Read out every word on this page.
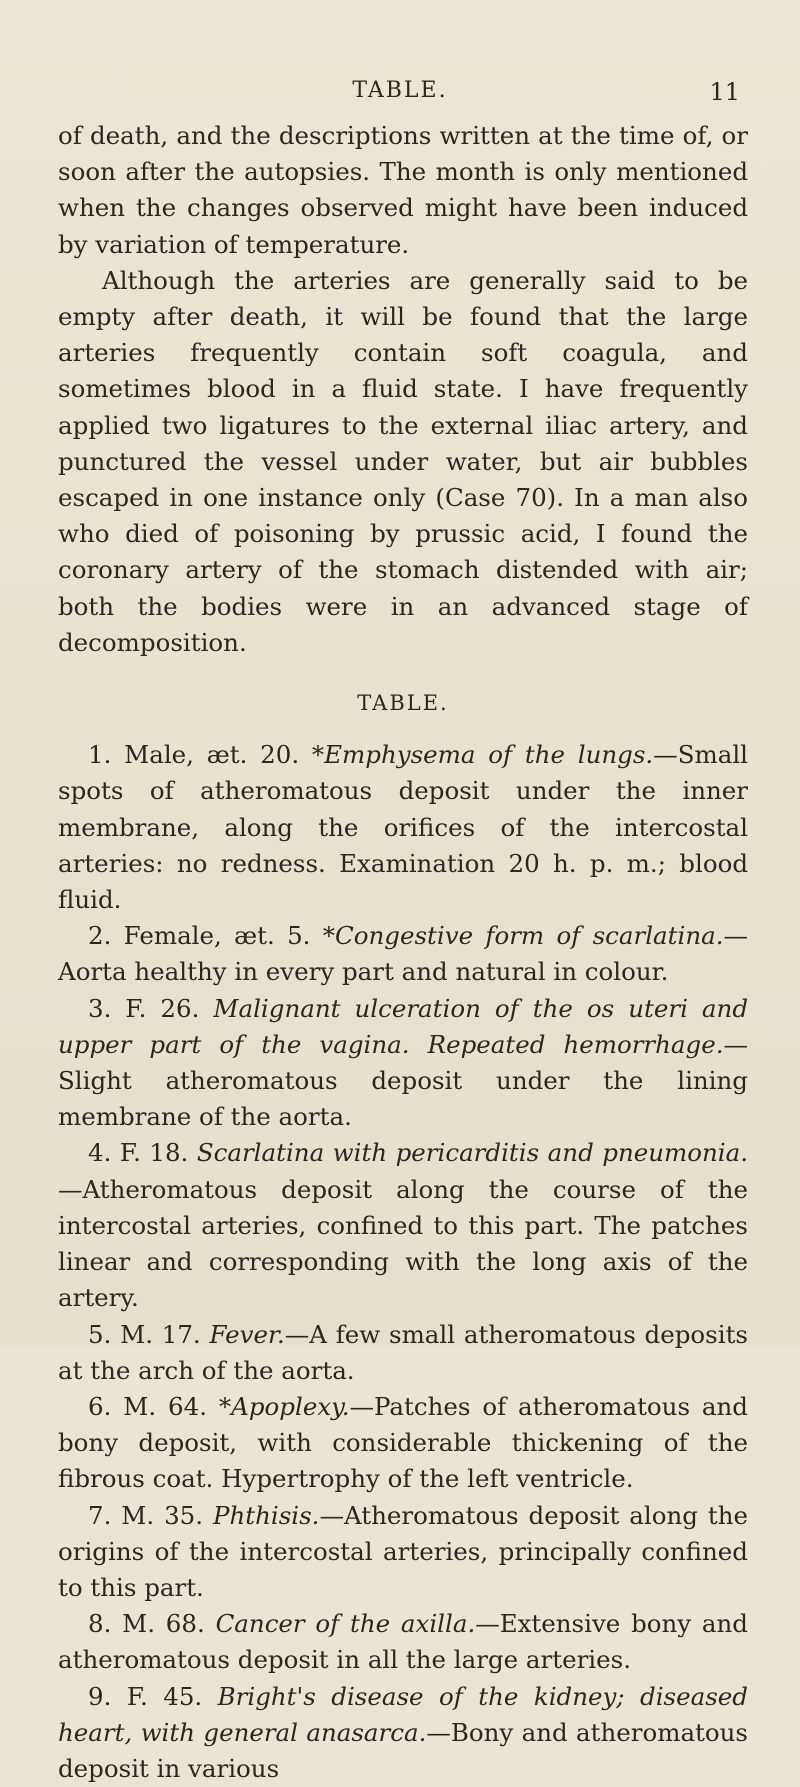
TABLE.	11

of death, and the descriptions written at the time of, or soon after the autopsies. The month is only mentioned when the changes observed might have been induced by variation of temperature.

Although the arteries are generally said to be empty after death, it will be found that the large arteries frequently contain soft coagula, and sometimes blood in a fluid state. I have frequently applied two ligatures to the external iliac artery, and punctured the vessel under water, but air bubbles escaped in one instance only (Case 70). In a man also who died of poisoning by prussic acid, I found the coronary artery of the stomach distended with air; both the bodies were in an advanced stage of decomposition.

TABLE.

1. Male, æt. 20. *Emphysema of the lungs.—Small spots of atheromatous deposit under the inner membrane, along the orifices of the intercostal arteries: no redness. Examination 20 h. p. m.; blood fluid.

2. Female, æt. 5. *Congestive form of scarlatina.—Aorta healthy in every part and natural in colour.

3. F. 26. Malignant ulceration of the os uteri and upper part of the vagina. Repeated hemorrhage.—Slight atheromatous deposit under the lining membrane of the aorta.

4. F. 18. Scarlatina with pericarditis and pneumonia.—Atheromatous deposit along the course of the intercostal arteries, confined to this part. The patches linear and corresponding with the long axis of the artery.

5. M. 17. Fever.—A few small atheromatous deposits at the arch of the aorta.

6. M. 64. *Apoplexy.—Patches of atheromatous and bony deposit, with considerable thickening of the fibrous coat. Hypertrophy of the left ventricle.

7. M. 35. Phthisis.—Atheromatous deposit along the origins of the intercostal arteries, principally confined to this part.

8. M. 68. Cancer of the axilla.—Extensive bony and atheromatous deposit in all the large arteries.

9. F. 45. Bright's disease of the kidney; diseased heart, with general anasarca.—Bony and atheromatous deposit in various
